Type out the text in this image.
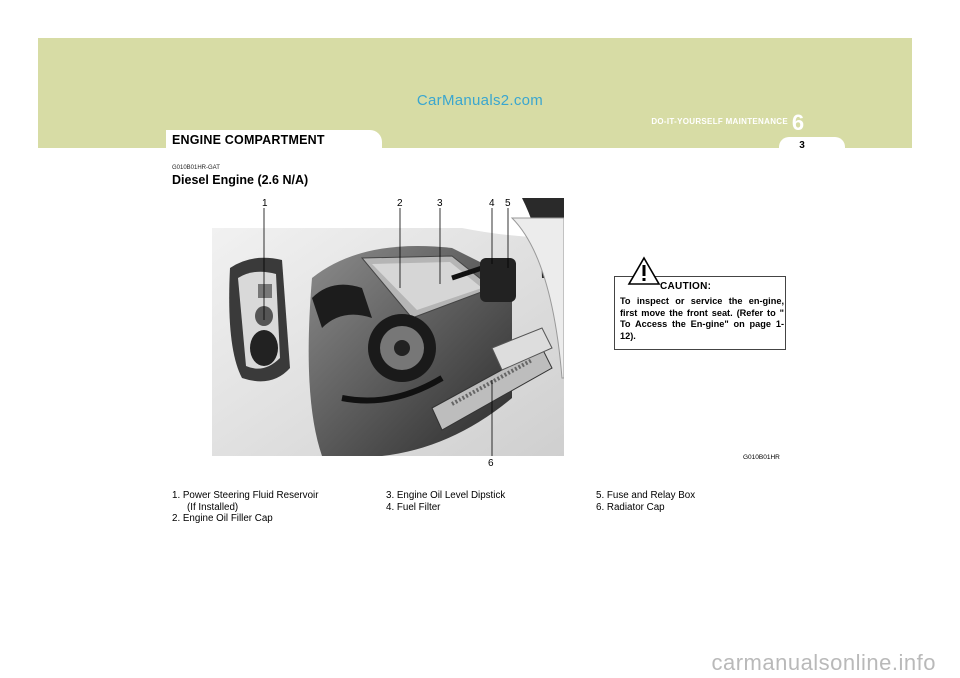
CarManuals2.com
6
DO-IT-YOURSELF MAINTENANCE
3
ENGINE COMPARTMENT
G010B01HR-GAT
Diesel Engine (2.6 N/A)
1	2	3	4 5
6
CAUTION:
To inspect or service the en-gine, first move the front seat. (Refer to " To Access the En-gine" on page 1-12).
G010B01HR
1. Power Steering Fluid Reservoir
(If Installed)
2. Engine Oil Filler Cap
3. Engine Oil Level Dipstick
4. Fuel Filter
5. Fuse and Relay Box
6. Radiator Cap
carmanualsonline.info
